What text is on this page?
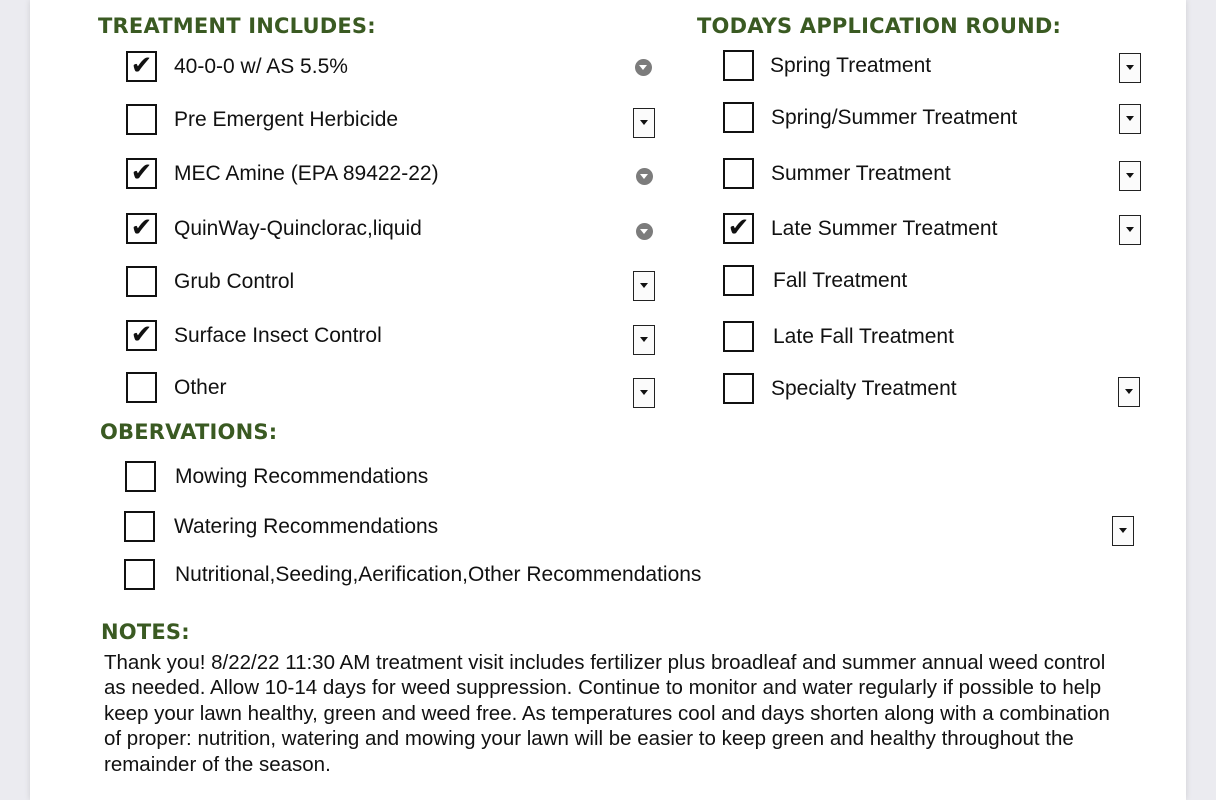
TREATMENT INCLUDES:	TODAYS APPLICATION ROUND:
OBERVATIONS:
NOTES:
✔ 40-0-0 w/ AS 5.5%
Pre Emergent Herbicide
✔ MEC Amine (EPA 89422-22)
✔ QuinWay-Quinclorac,liquid
Grub Control
✔ Surface Insect Control
Other
Spring Treatment
Spring/Summer Treatment
Summer Treatment
✔ Late Summer Treatment
Fall Treatment
Late Fall Treatment
Specialty Treatment
Mowing Recommendations
Watering Recommendations
Nutritional,Seeding,Aerification,Other Recommendations
Thank you! 8/22/22 11:30 AM treatment visit includes fertilizer plus broadleaf and summer annual weed control as needed. Allow 10-14 days for weed suppression. Continue to monitor and water regularly if possible to help keep your lawn healthy, green and weed free. As temperatures cool and days shorten along with a combination of proper: nutrition, watering and mowing your lawn will be easier to keep green and healthy throughout the remainder of the season.
